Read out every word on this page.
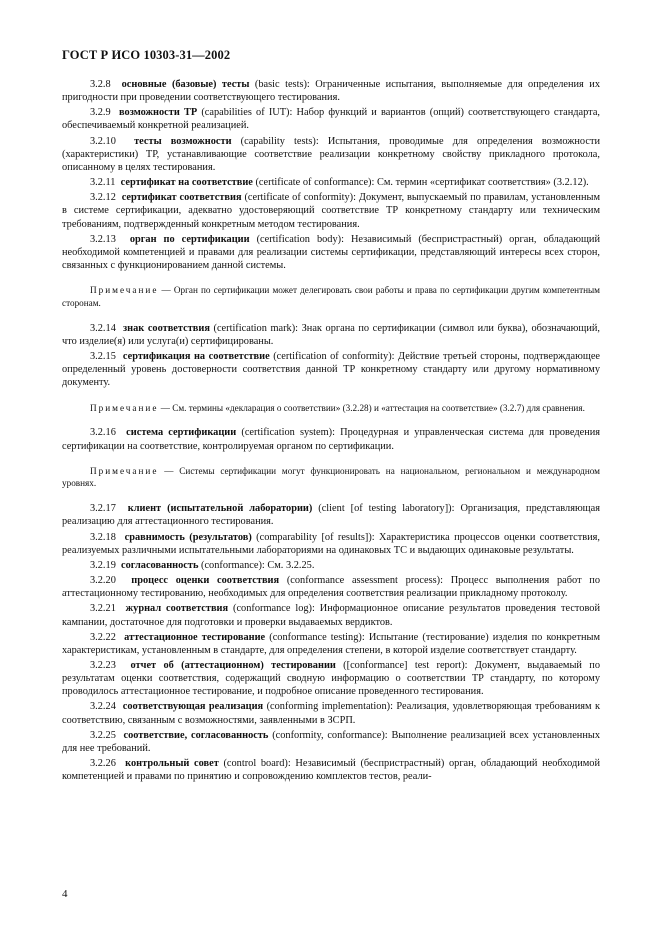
ГОСТ Р ИСО 10303-31—2002

3.2.8 основные (базовые) тесты (basic tests): Ограниченные испытания, выполняемые для определения их пригодности при проведении соответствующего тестирования.

3.2.9 возможности ТР (capabilities of IUT): Набор функций и вариантов (опций) соответствующего стандарта, обеспечиваемый конкретной реализацией.

3.2.10 тесты возможности (capability tests): Испытания, проводимые для определения возможности (характеристики) ТР, устанавливающие соответствие реализации конкретному свойству прикладного протокола, описанному в целях тестирования.

3.2.11 сертификат на соответствие (certificate of conformance): См. термин «сертификат соответствия» (3.2.12).

3.2.12 сертификат соответствия (certificate of conformity): Документ, выпускаемый по правилам, установленным в системе сертификации, адекватно удостоверяющий соответствие ТР конкретному стандарту или техническим требованиям, подтвержденный конкретным методом тестирования.

3.2.13 орган по сертификации (certification body): Независимый (беспристрастный) орган, обладающий необходимой компетенцией и правами для реализации системы сертификации, представляющий интересы всех сторон, связанных с функционированием данной системы.

Примечание — Орган по сертификации может делегировать свои работы и права по сертификации другим компетентным сторонам.

3.2.14 знак соответствия (certification mark): Знак органа по сертификации (символ или буква), обозначающий, что изделие(я) или услуга(и) сертифицированы.

3.2.15 сертификация на соответствие (certification of conformity): Действие третьей стороны, подтверждающее определенный уровень достоверности соответствия данной ТР конкретному стандарту или другому нормативному документу.

Примечание — См. термины «декларация о соответствии» (3.2.28) и «аттестация на соответствие» (3.2.7) для сравнения.

3.2.16 система сертификации (certification system): Процедурная и управленческая система для проведения сертификации на соответствие, контролируемая органом по сертификации.

Примечание — Системы сертификации могут функционировать на национальном, региональном и международном уровнях.

3.2.17 клиент (испытательной лаборатории) (client [of testing laboratory]): Организация, представляющая реализацию для аттестационного тестирования.

3.2.18 сравнимость (результатов) (comparability [of results]): Характеристика процессов оценки соответствия, реализуемых различными испытательными лабораториями на одинаковых ТС и выдающих одинаковые результаты.

3.2.19 согласованность (conformance): См. 3.2.25.

3.2.20 процесс оценки соответствия (conformance assessment process): Процесс выполнения работ по аттестационному тестированию, необходимых для определения соответствия реализации прикладному протоколу.

3.2.21 журнал соответствия (conformance log): Информационное описание результатов проведения тестовой кампании, достаточное для подготовки и проверки выдаваемых вердиктов.

3.2.22 аттестационное тестирование (conformance testing): Испытание (тестирование) изделия по конкретным характеристикам, установленным в стандарте, для определения степени, в которой изделие соответствует стандарту.

3.2.23 отчет об (аттестационном) тестировании ([conformance] test report): Документ, выдаваемый по результатам оценки соответствия, содержащий сводную информацию о соответствии ТР стандарту, по которому проводилось аттестационное тестирование, и подробное описание проведенного тестирования.

3.2.24 соответствующая реализация (conforming implementation): Реализация, удовлетворяющая требованиям к соответствию, связанным с возможностями, заявленными в ЗСРП.

3.2.25 соответствие, согласованность (conformity, conformance): Выполнение реализацией всех установленных для нее требований.

3.2.26 контрольный совет (control board): Независимый (беспристрастный) орган, обладающий необходимой компетенцией и правами по принятию и сопровождению комплектов тестов, реали-

4
